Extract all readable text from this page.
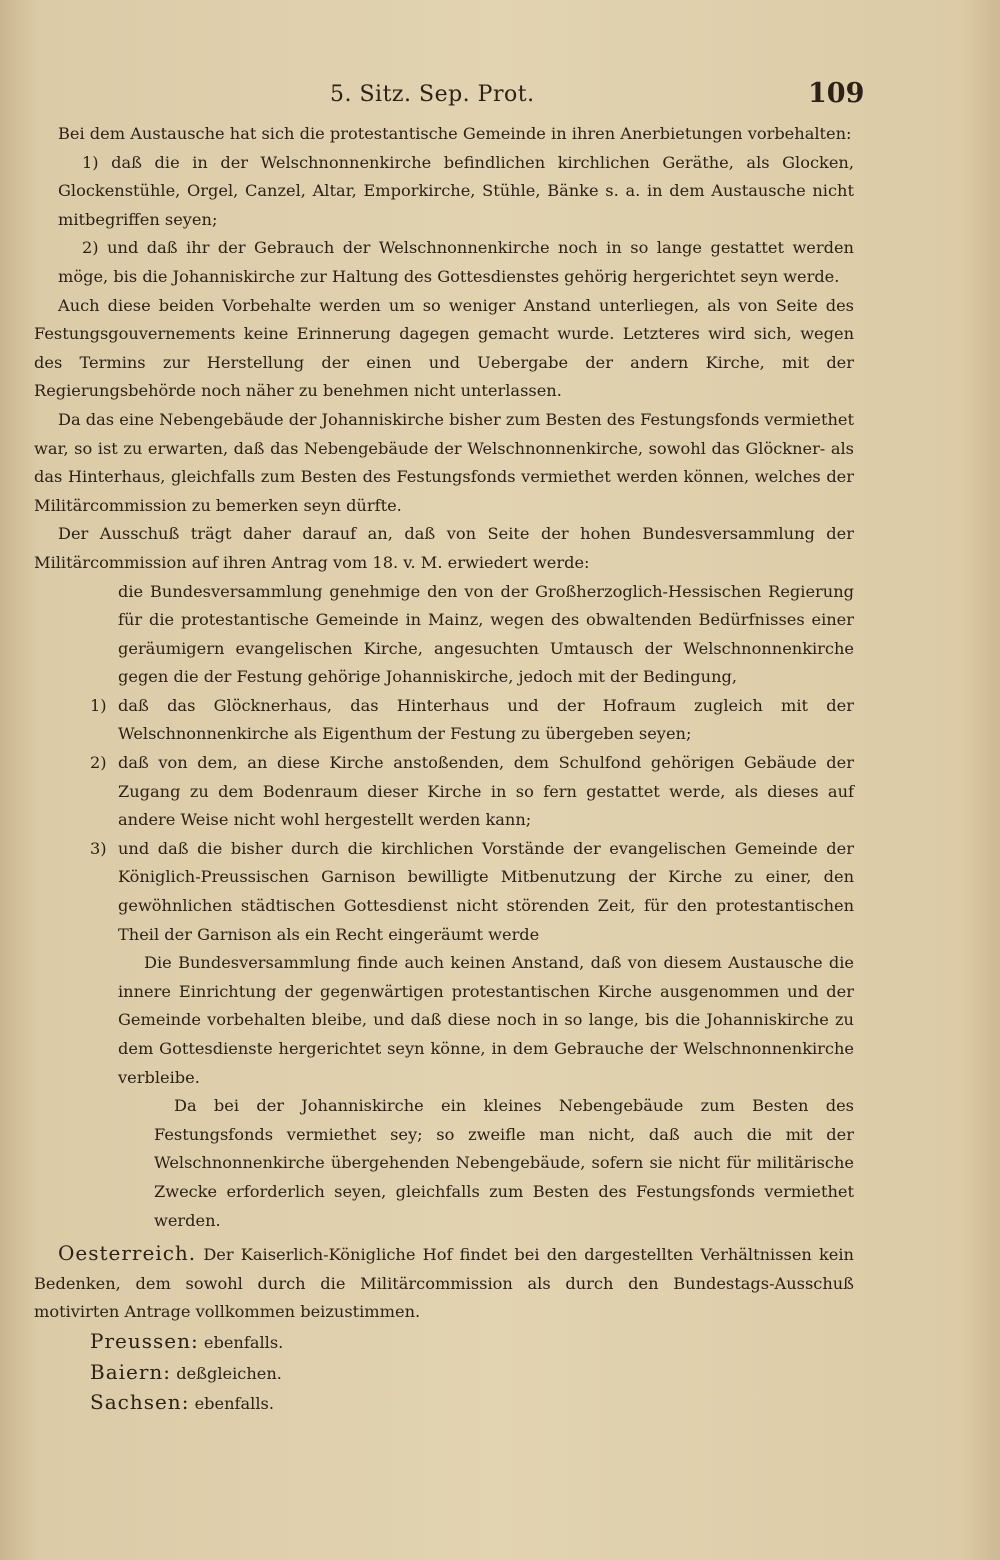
5. Sitz. Sep. Prot.	109

Bei dem Austausche hat sich die protestantische Gemeinde in ihren Anerbietungen vorbehalten:

1) daß die in der Welschnonnenkirche befindlichen kirchlichen Geräthe, als Glocken, Glockenstühle, Orgel, Canzel, Altar, Emporkirche, Stühle, Bänke s. a. in dem Austausche nicht mitbegriffen seyen;

2) und daß ihr der Gebrauch der Welschnonnenkirche noch in so lange gestattet werden möge, bis die Johanniskirche zur Haltung des Gottesdienstes gehörig hergerichtet seyn werde.

Auch diese beiden Vorbehalte werden um so weniger Anstand unterliegen, als von Seite des Festungsgouvernements keine Erinnerung dagegen gemacht wurde. Letzteres wird sich, wegen des Termins zur Herstellung der einen und Uebergabe der andern Kirche, mit der Regierungsbehörde noch näher zu benehmen nicht unterlassen.

Da das eine Nebengebäude der Johanniskirche bisher zum Besten des Festungsfonds vermiethet war, so ist zu erwarten, daß das Nebengebäude der Welschnonnenkirche, sowohl das Glöckner- als das Hinterhaus, gleichfalls zum Besten des Festungsfonds vermiethet werden können, welches der Militärcommission zu bemerken seyn dürfte.

Der Ausschuß trägt daher darauf an, daß von Seite der hohen Bundesversammlung der Militärcommission auf ihren Antrag vom 18. v. M. erwiedert werde:

die Bundesversammlung genehmige den von der Großherzoglich-Hessischen Regierung für die protestantische Gemeinde in Mainz, wegen des obwaltenden Bedürfnisses einer geräumigern evangelischen Kirche, angesuchten Umtausch der Welschnonnenkirche gegen die der Festung gehörige Johanniskirche, jedoch mit der Bedingung,

1) daß das Glöcknerhaus, das Hinterhaus und der Hofraum zugleich mit der Welschnonnenkirche als Eigenthum der Festung zu übergeben seyen;

2) daß von dem, an diese Kirche anstoßenden, dem Schulfond gehörigen Gebäude der Zugang zu dem Bodenraum dieser Kirche in so fern gestattet werde, als dieses auf andere Weise nicht wohl hergestellt werden kann;

3) und daß die bisher durch die kirchlichen Vorstände der evangelischen Gemeinde der Königlich-Preussischen Garnison bewilligte Mitbenutzung der Kirche zu einer, den gewöhnlichen städtischen Gottesdienst nicht störenden Zeit, für den protestantischen Theil der Garnison als ein Recht eingeräumt werde

Die Bundesversammlung finde auch keinen Anstand, daß von diesem Austausche die innere Einrichtung der gegenwärtigen protestantischen Kirche ausgenommen und der Gemeinde vorbehalten bleibe, und daß diese noch in so lange, bis die Johanniskirche zu dem Gottesdienste hergerichtet seyn könne, in dem Gebrauche der Welschnonnenkirche verbleibe.

Da bei der Johanniskirche ein kleines Nebengebäude zum Besten des Festungsfonds vermiethet sey; so zweifle man nicht, daß auch die mit der Welschnonnenkirche übergehenden Nebengebäude, sofern sie nicht für militärische Zwecke erforderlich seyen, gleichfalls zum Besten des Festungsfonds vermiethet werden.

Oesterreich. Der Kaiserlich-Königliche Hof findet bei den dargestellten Verhältnissen kein Bedenken, dem sowohl durch die Militärcommission als durch den Bundestags-Ausschuß motivirten Antrage vollkommen beizustimmen.

Preussen: ebenfalls.

Baiern: deßgleichen.

Sachsen: ebenfalls.
